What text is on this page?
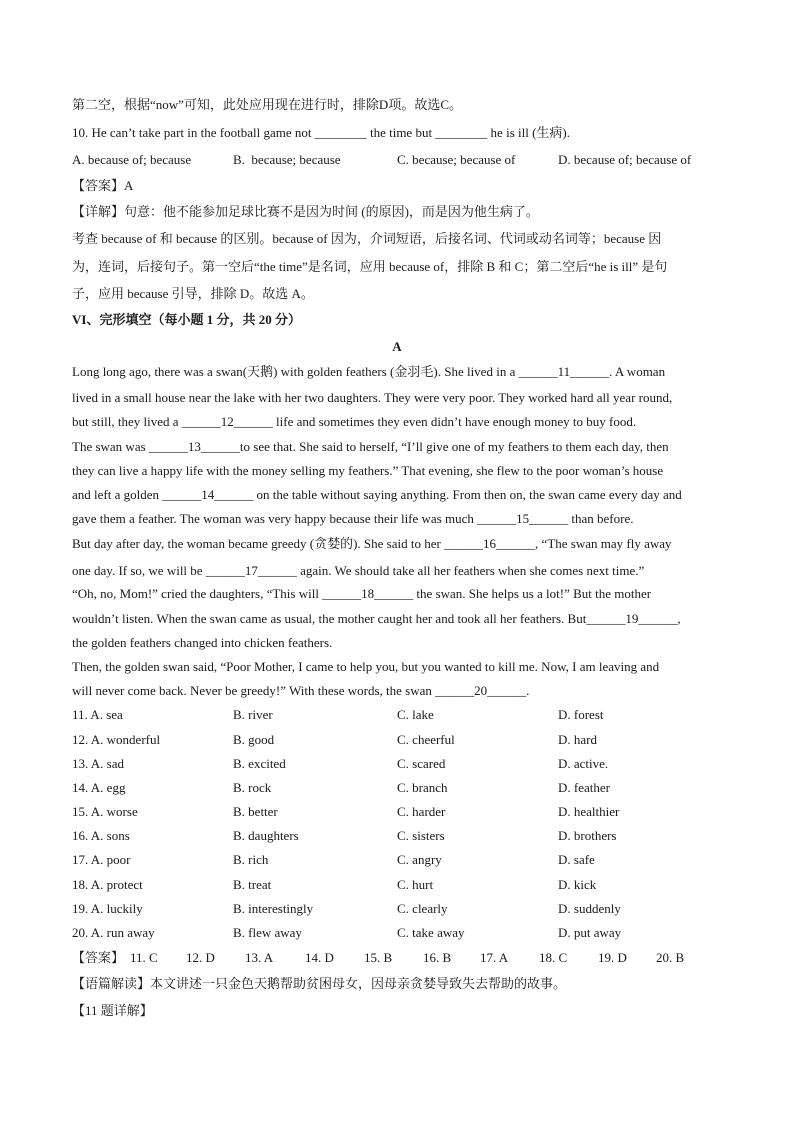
第二空，根据“now”可知，此处应用现在进行时，排除D项。故选C。
10. He can’t take part in the football game not ________ the time but ________ he is ill (生病).
A. because of; because	B.  because; because	C. because; because of	D. because of; because of
【答案】A
【详解】句意：他不能参加足球比赛不是因为时间 (的原因)，而是因为他生病了。
考查 because of 和 because 的区别。because of 因为，介词短语，后接名词、代词或动名词等；because 因
为，连词，后接句子。第一空后“the time”是名词，应用 because of，排除 B 和 C；第二空后“he is ill” 是句
子，应用 because 引导，排除 D。故选 A。
VI、完形填空（每小题 1 分，共 20 分）
A
Long long ago, there was a swan(天鹅) with golden feathers (金羽毛). She lived in a ______11______. A woman
lived in a small house near the lake with her two daughters. They were very poor. They worked hard all year round,
but still, they lived a ______12______ life and sometimes they even didn’t have enough money to buy food.
The swan was ______13______to see that. She said to herself, “I’ll give one of my feathers to them each day, then
they can live a happy life with the money selling my feathers.” That evening, she flew to the poor woman’s house
and left a golden ______14______ on the table without saying anything. From then on, the swan came every day and
gave them a feather. The woman was very happy because their life was much ______15______ than before.
But day after day, the woman became greedy (贪婪的). She said to her ______16______, “The swan may fly away
one day. If so, we will be ______17______ again. We should take all her feathers when she comes next time.”
“Oh, no, Mom!” cried the daughters, “This will ______18______ the swan. She helps us a lot!” But the mother
wouldn’t listen. When the swan came as usual, the mother caught her and took all her feathers. But______19______,
the golden feathers changed into chicken feathers.
Then, the golden swan said, “Poor Mother, I came to help you, but you wanted to kill me. Now, I am leaving and
will never come back. Never be greedy!” With these words, the swan ______20______.
11. A. sea	B. river	C. lake	D. forest
12. A. wonderful	B. good	C. cheerful	D. hard
13. A. sad	B. excited	C. scared	D. active.
14. A. egg	B. rock	C. branch	D. feather
15. A. worse	B. better	C. harder	D. healthier
16. A. sons	B. daughters	C. sisters	D. brothers
17. A. poor	B. rich	C. angry	D. safe
18. A. protect	B. treat	C. hurt	D. kick
19. A. luckily	B. interestingly	C. clearly	D. suddenly
20. A. run away	B. flew away	C. take away	D. put away
【答案】 11. C 12. D 13. A 14. D 15. B 16. B 17. A 18. C 19. D 20. B
【语篇解读】本文讲述一只金色天鹅帮助贫困母女，因母亲贪婪导致失去帮助的故事。
【11 题详解】
